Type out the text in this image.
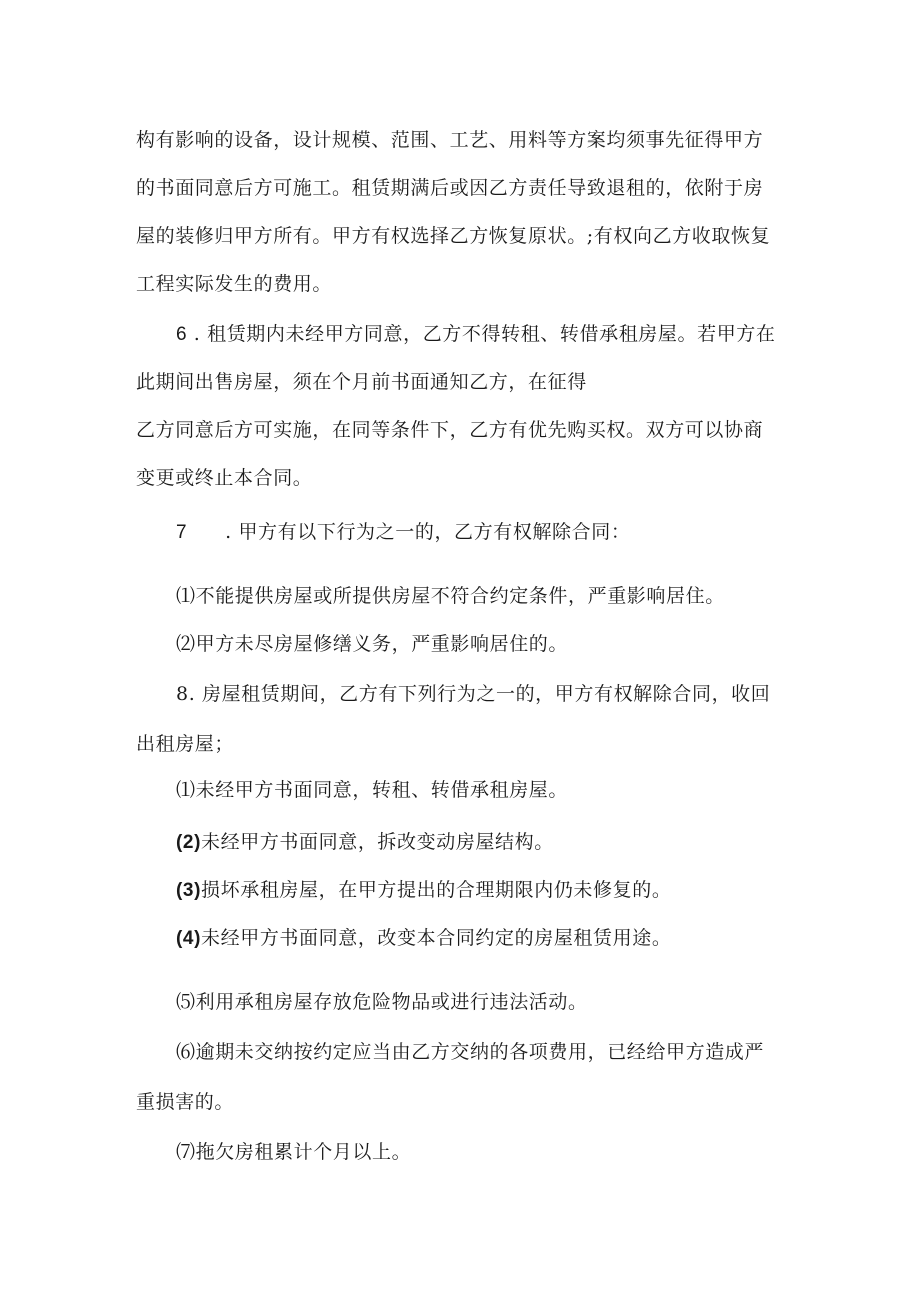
构有影响的设备，设计规模、范围、工艺、用料等方案均须事先征得甲方
的书面同意后方可施工。租赁期满后或因乙方责任导致退租的，依附于房
屋的装修归甲方所有。甲方有权选择乙方恢复原状。;有权向乙方收取恢复
工程实际发生的费用。
6 . 租赁期内未经甲方同意，乙方不得转租、转借承租房屋。若甲方在
此期间出售房屋，须在个月前书面通知乙方，在征得
乙方同意后方可实施，在同等条件下，乙方有优先购买权。双方可以协商
变更或终止本合同。
7 . 甲方有以下行为之一的，乙方有权解除合同：
⑴不能提供房屋或所提供房屋不符合约定条件，严重影响居住。
⑵甲方未尽房屋修缮义务，严重影响居住的。
8. 房屋租赁期间，乙方有下列行为之一的，甲方有权解除合同，收回
出租房屋；
⑴未经甲方书面同意，转租、转借承租房屋。
(2)未经甲方书面同意，拆改变动房屋结构。
(3)损坏承租房屋，在甲方提出的合理期限内仍未修复的。
(4)未经甲方书面同意，改变本合同约定的房屋租赁用途。
⑸利用承租房屋存放危险物品或进行违法活动。
⑹逾期未交纳按约定应当由乙方交纳的各项费用，已经给甲方造成严
重损害的。
⑺拖欠房租累计个月以上。
